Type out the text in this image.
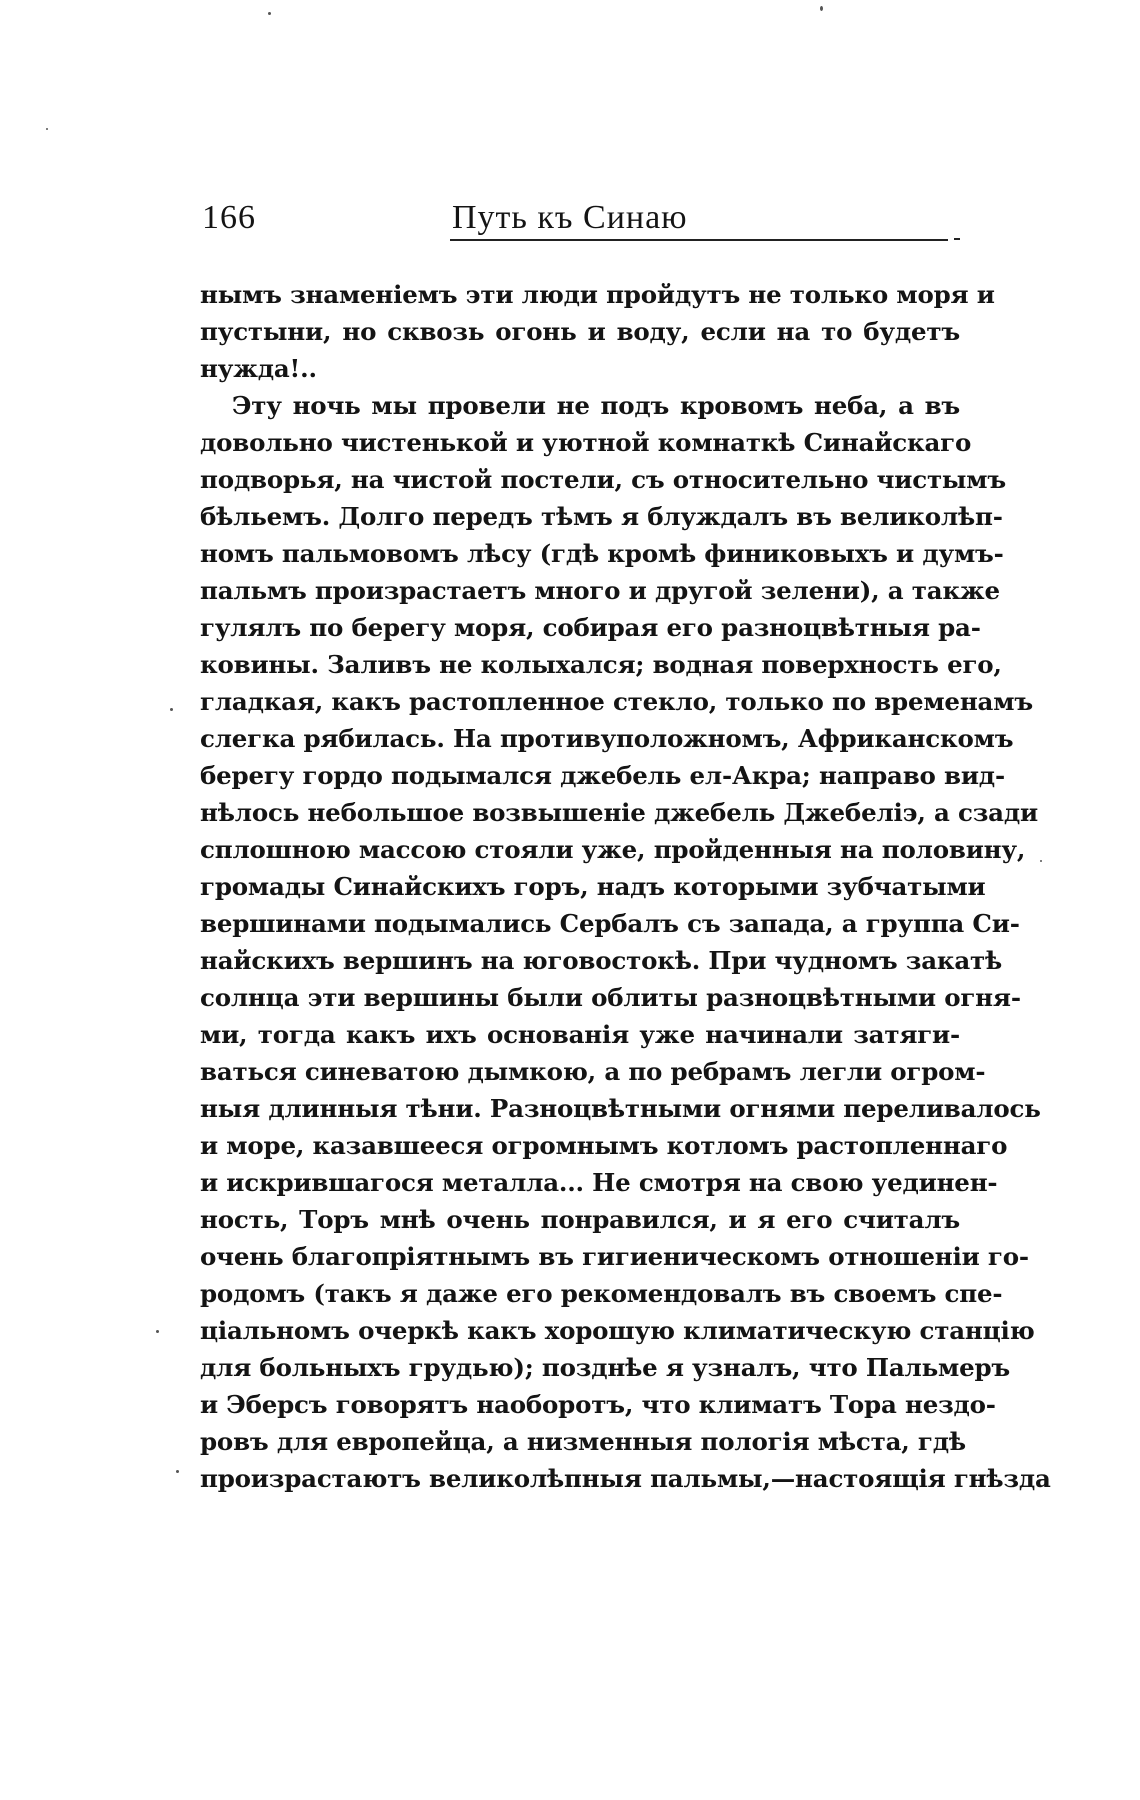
166	Путь къ Синаю
нымъ знаменіемъ эти люди пройдутъ не только моря и
пустыни, но сквозь огонь и воду, если на то будетъ
нужда!..
Эту ночь мы провели не подъ кровомъ неба, а въ
довольно чистенькой и уютной комнаткѣ Синайскаго
подворья, на чистой постели, съ относительно чистымъ
бѣльемъ. Долго передъ тѣмъ я блуждалъ въ великолѣп-
номъ пальмовомъ лѣсу (гдѣ кромѣ финиковыхъ и думъ-
пальмъ произрастаетъ много и другой зелени), а также
гулялъ по берегу моря, собирая его разноцвѣтныя ра-
ковины. Заливъ не колыхался; водная поверхность его,
гладкая, какъ растопленное стекло, только по временамъ
слегка рябилась. На противуположномъ, Африканскомъ
берегу гордо подымался джебель ел-Акра; направо вид-
нѣлось небольшое возвышеніе джебель Джебеліэ, а сзади
сплошною массою стояли уже, пройденныя на половину,
громады Синайскихъ горъ, надъ которыми зубчатыми
вершинами подымались Сербалъ съ запада, а группа Си-
найскихъ вершинъ на юговостокѣ. При чудномъ закатѣ
солнца эти вершины были облиты разноцвѣтными огня-
ми, тогда какъ ихъ основанія уже начинали затяги-
ваться синеватою дымкою, а по ребрамъ легли огром-
ныя длинныя тѣни. Разноцвѣтными огнями переливалось
и море, казавшееся огромнымъ котломъ растопленнаго
и искрившагося металла... Не смотря на свою уединен-
ность, Торъ мнѣ очень понравился, и я его считалъ
очень благопріятнымъ въ гигиеническомъ отношеніи го-
родомъ (такъ я даже его рекомендовалъ въ своемъ спе-
ціальномъ очеркѣ какъ хорошую климатическую станцію
для больныхъ грудью); позднѣе я узналъ, что Пальмеръ
и Эберсъ говорятъ наоборотъ, что климатъ Тора нездо-
ровъ для европейца, а низменныя пологія мѣста, гдѣ
произрастаютъ великолѣпныя пальмы,—настоящія гнѣзда
